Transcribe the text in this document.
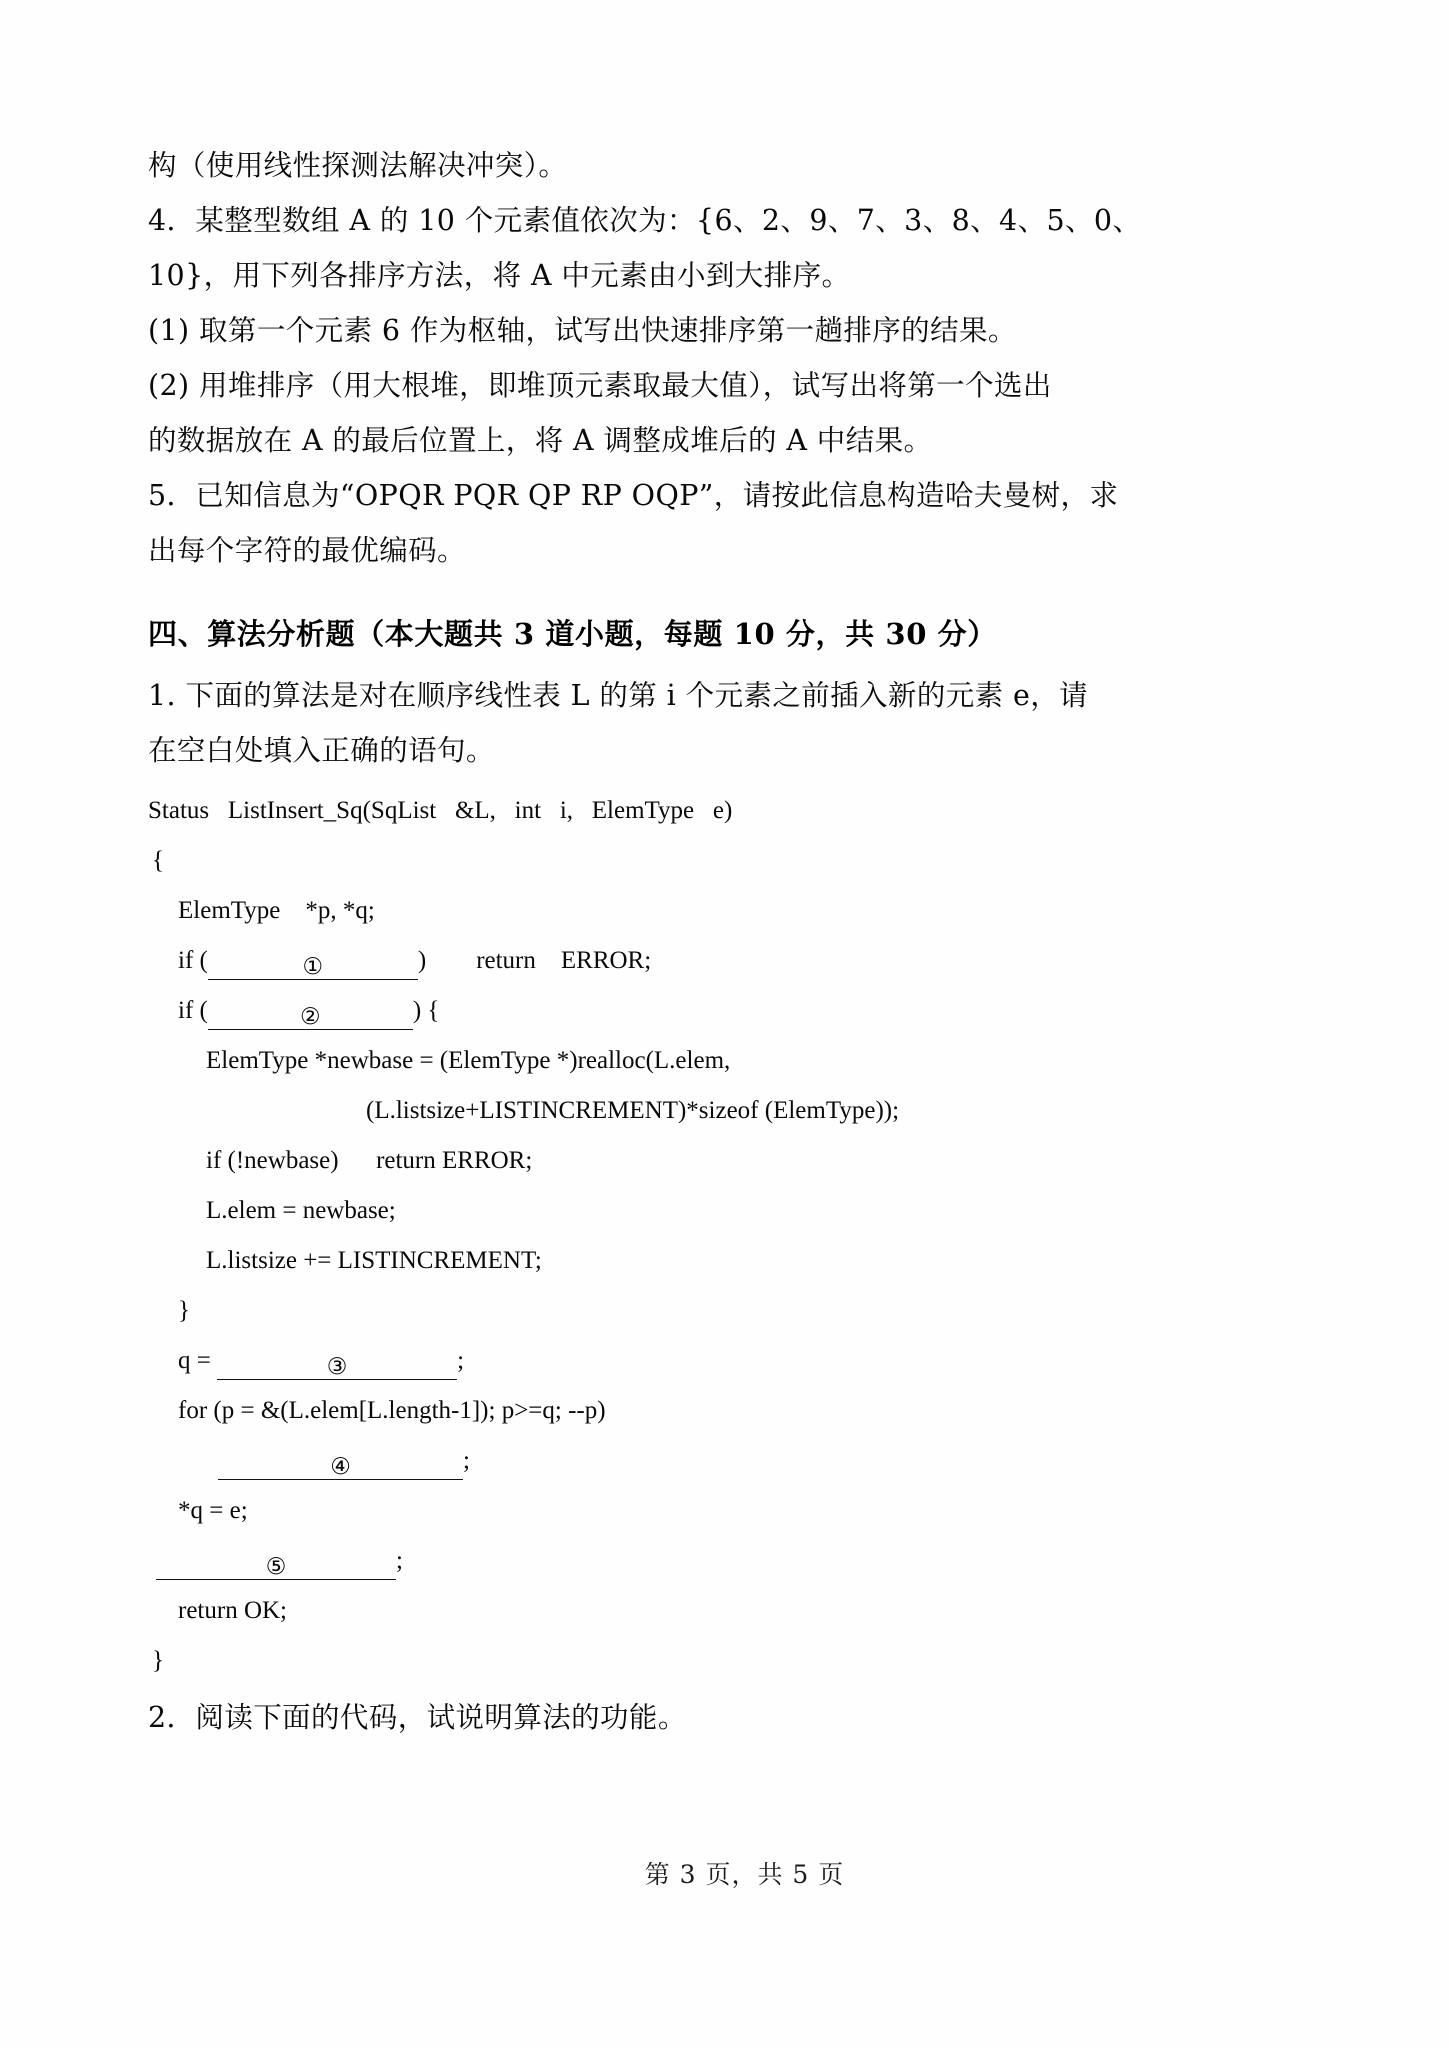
构（使用线性探测法解决冲突）。

4．某整型数组 A 的 10 个元素值依次为：{6、2、9、7、3、8、4、5、0、

10}，用下列各排序方法，将 A 中元素由小到大排序。

(1) 取第一个元素 6 作为枢轴，试写出快速排序第一趟排序的结果。

(2) 用堆排序（用大根堆，即堆顶元素取最大值），试写出将第一个选出

的数据放在 A 的最后位置上，将 A 调整成堆后的 A 中结果。

5．已知信息为“OPQR PQR QP RP OQP”，请按此信息构造哈夫曼树，求

出每个字符的最优编码。

四、算法分析题（本大题共 3 道小题，每题 10 分，共 30 分）

1. 下面的算法是对在顺序线性表 L 的第 i 个元素之前插入新的元素 e，请

在空白处填入正确的语句。

Status   ListInsert_Sq(SqList   &L,   int   i,   ElemType   e)
{
ElemType    *p, *q;
if (	①	) return    ERROR;
if (	②	) {
ElemType *newbase = (ElemType *)realloc(L.elem,
(L.listsize+LISTINCREMENT)*sizeof (ElemType));
if (!newbase)      return ERROR;
L.elem = newbase;
L.listsize += LISTINCREMENT;
}
q =	③	;
for (p = &(L.elem[L.length-1]); p>=q; --p)
④	;
*q = e;
⑤	;
return OK;
}

2．阅读下面的代码，试说明算法的功能。

第 3 页，共 5 页
